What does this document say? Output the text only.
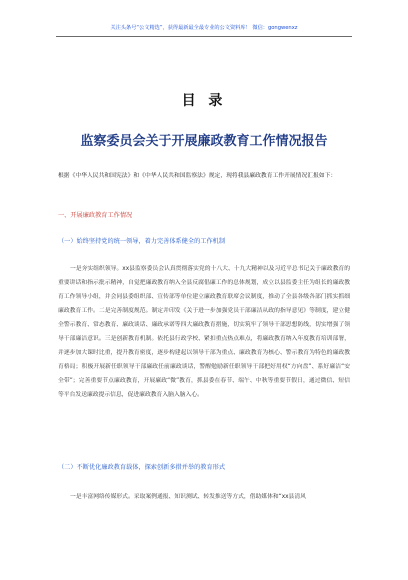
关注头条号“公文精选”，获得最新最全最专业的公文资料库！ 微信：gongwenxz
目 录
监察委员会关于开展廉政教育工作情况报告
根据《中华人民共和国宪法》和《中华人民共和国监察法》规定，现将我县廉政教育工作开展情况汇报如下：
一、开展廉政教育工作情况
（一）始终坚持党的统一领导，着力完善体系健全的工作机制
一是夯实组织领导。xx县监察委员会认真贯彻落实党的十八大、十九大精神以及习近平总书记关于廉政教育的重要讲话和指示批示精神，自觉把廉政教育纳入全县反腐倡廉工作的总体规划，成立以县监委主任为组长的廉政教育工作领导小组，并会同县委组织部、宣传部等单位建立廉政教育联席会议制度，推动了全县各级各部门抓实抓细廉政教育工作。二是完善制度规范。制定并印发《关于进一步加强党员干部廉洁从政的指导意见》等制度，建立健全警示教育、常态教育、廉政谈话、廉政承诺等四大廉政教育措施，切实筑牢了领导干部思想防线，切实增强了领导干部廉洁意识。三是创新教育机制。依托县行政学校、紧扣重点热点难点，将廉政教育纳入年度教育培训部署，并逐步加大课时比重，提升教育密度，逐步构建起以领导干部为重点、廉政教育为核心、警示教育为特色的廉政教育格局；积极开展新任职领导干部廉政任前廉政谈话，警醒勉励新任职领导干部把好用权“方向盘”、系好廉洁“安全带”；完善重要节点廉政教育，开展廉政“微”教育，抓县委在春节、端午、中秋等重要节假日，通过微信、短信等平台发送廉政提示信息，促进廉政教育入脑入脑入心。
（二）不断优化廉政教育载体，探索创新多措并举的教育形式
一是丰富网络传媒形式。采取案例通报、知识测试、转发推送等方式，借助媒体和“xx县清风
